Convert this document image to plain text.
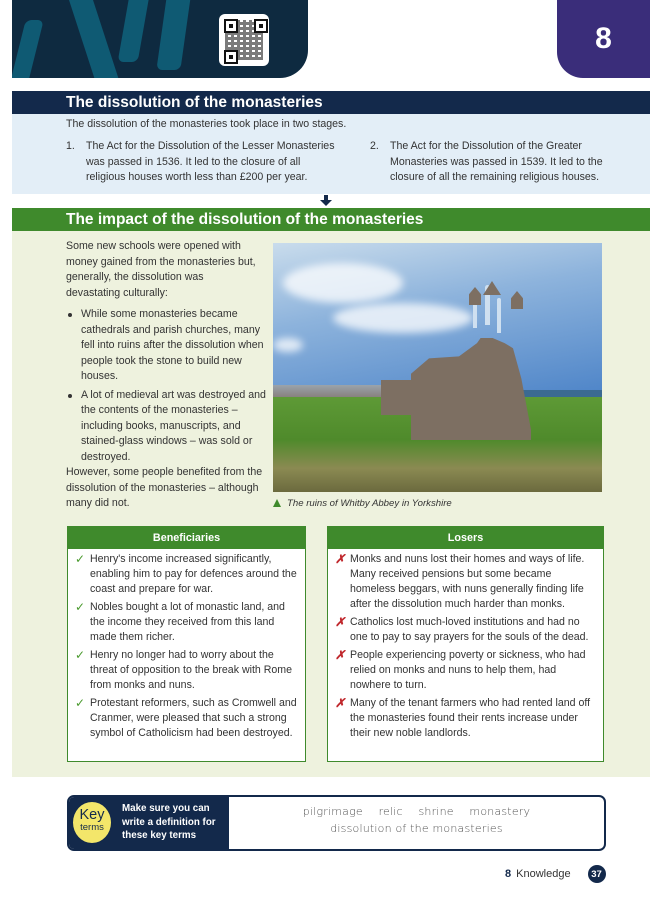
8
The dissolution of the monasteries
The dissolution of the monasteries took place in two stages.
1.	The Act for the Dissolution of the Lesser Monasteries was passed in 1536. It led to the closure of all religious houses worth less than £200 per year.
2.	The Act for the Dissolution of the Greater Monasteries was passed in 1539. It led to the closure of all the remaining religious houses.
The impact of the dissolution of the monasteries
Some new schools were opened with money gained from the monasteries but, generally, the dissolution was devastating culturally:
While some monasteries became cathedrals and parish churches, many fell into ruins after the dissolution when people took the stone to build new houses.
A lot of medieval art was destroyed and the contents of the monasteries – including books, manuscripts, and stained-glass windows – was sold or destroyed.
However, some people benefited from the dissolution of the monasteries – although many did not.	The ruins of Whitby Abbey in Yorkshire
Beneficiaries
✓ Henry's income increased significantly, enabling him to pay for defences around the coast and prepare for war.
✓ Nobles bought a lot of monastic land, and the income they received from this land made them richer.
✓ Henry no longer had to worry about the threat of opposition to the break with Rome from monks and nuns.
✓ Protestant reformers, such as Cromwell and Cranmer, were pleased that such a strong symbol of Catholicism had been destroyed.
Losers
✗ Monks and nuns lost their homes and ways of life. Many received pensions but some became homeless beggars, with nuns generally finding life after the dissolution much harder than monks.
✗ Catholics lost much-loved institutions and had no one to pay to say prayers for the souls of the dead.
✗ People experiencing poverty or sickness, who had relied on monks and nuns to help them, had nowhere to turn.
✗ Many of the tenant farmers who had rented land off the monasteries found their rents increase under their new noble landlords.
Key
terms
Make sure you can write a definition for these key terms
pilgrimage relic shrine monastery
dissolution of the monasteries
8 Knowledge	37
